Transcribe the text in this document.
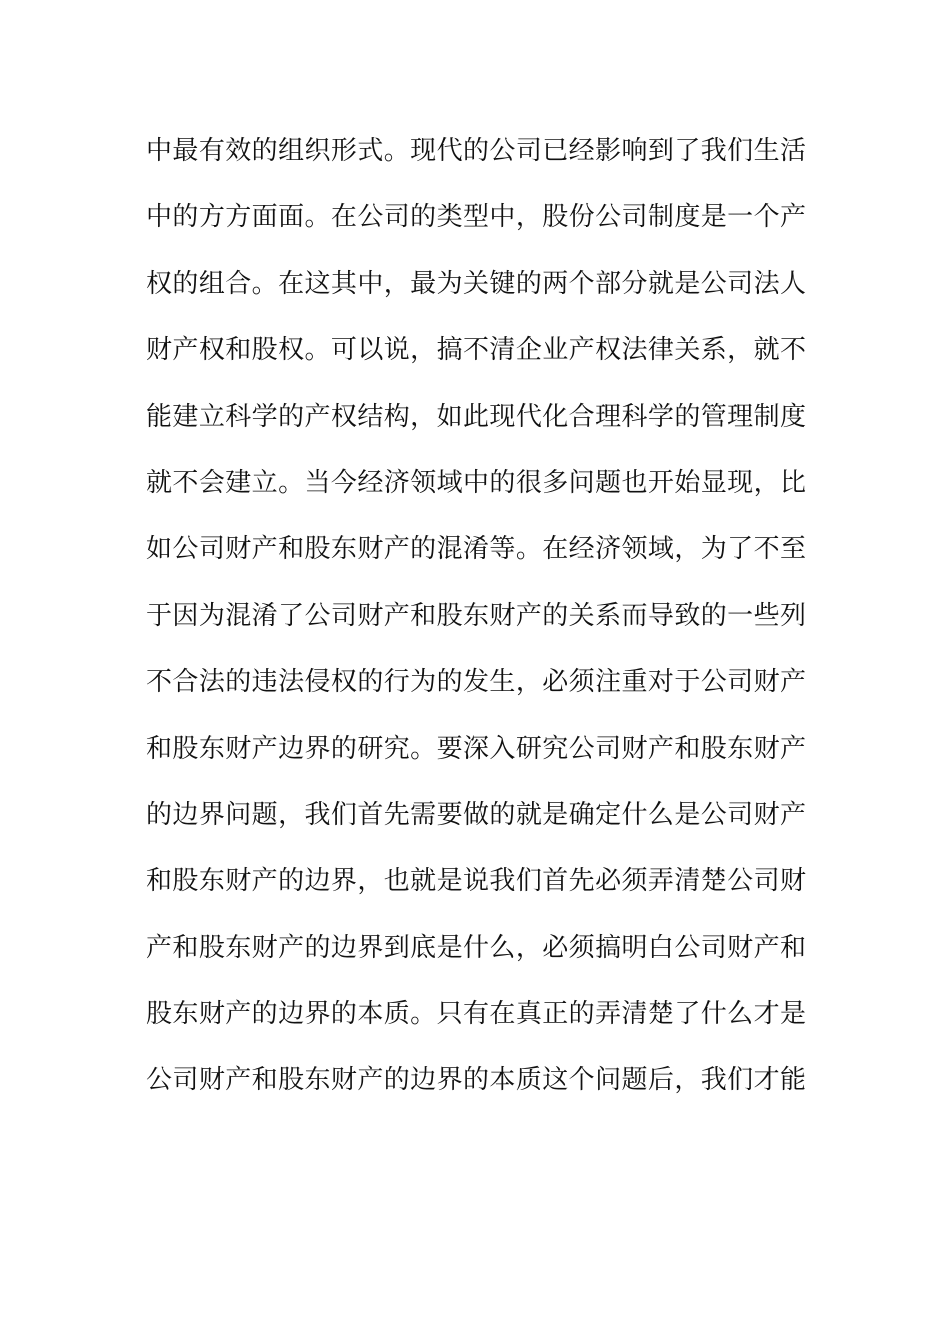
中最有效的组织形式。现代的公司已经影响到了我们生活
中的方方面面。在公司的类型中，股份公司制度是一个产
权的组合。在这其中，最为关键的两个部分就是公司法人
财产权和股权。可以说，搞不清企业产权法律关系，就不
能建立科学的产权结构，如此现代化合理科学的管理制度
就不会建立。当今经济领域中的很多问题也开始显现，比
如公司财产和股东财产的混淆等。在经济领域，为了不至
于因为混淆了公司财产和股东财产的关系而导致的一些列
不合法的违法侵权的行为的发生，必须注重对于公司财产
和股东财产边界的研究。要深入研究公司财产和股东财产
的边界问题，我们首先需要做的就是确定什么是公司财产
和股东财产的边界，也就是说我们首先必须弄清楚公司财
产和股东财产的边界到底是什么，必须搞明白公司财产和
股东财产的边界的本质。只有在真正的弄清楚了什么才是
公司财产和股东财产的边界的本质这个问题后，我们才能
